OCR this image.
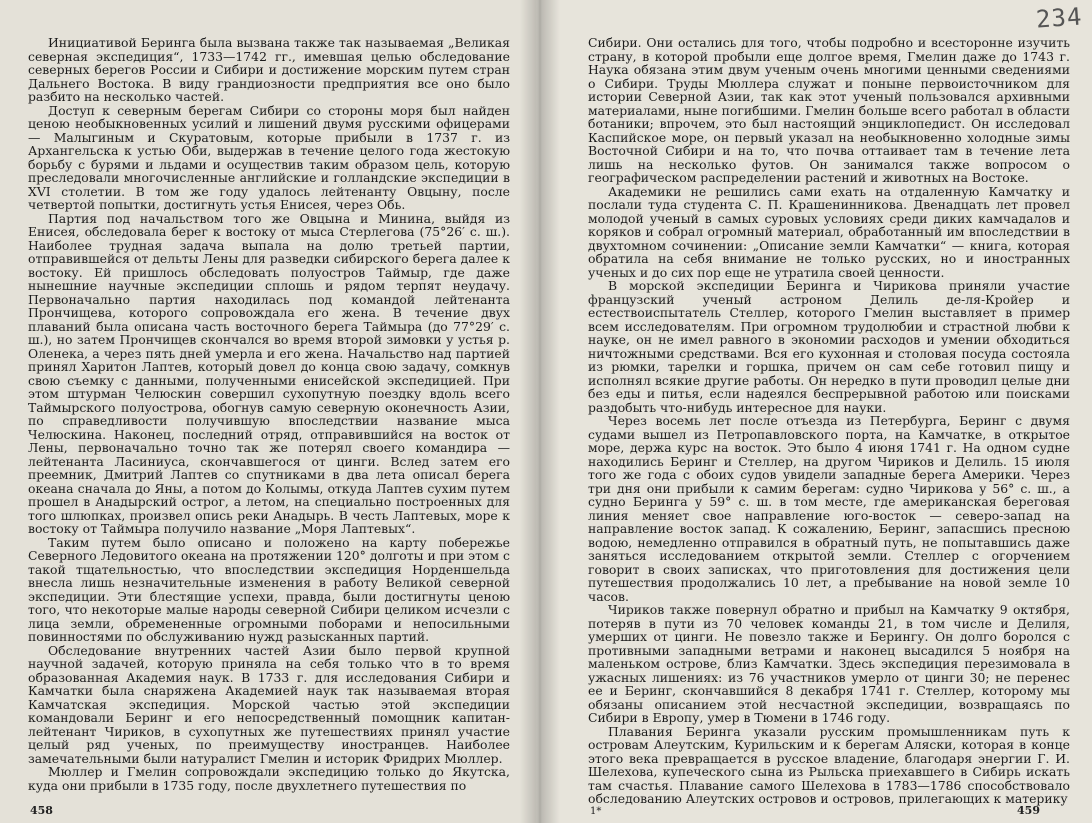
Инициативой Беринга была вызвана также так называемая „Великая северная экспедиция“, 1733—1742 гг., имевшая целью обследование северных берегов России и Сибири и достижение морским путем стран Дальнего Востока. В виду грандиозности предприятия все оно было разбито на несколько частей.

Доступ к северным берегам Сибири со стороны моря был найден ценою необыкновенных усилий и лишений двумя русскими офицерами — Малыгиным и Скуратовым, которые прибыли в 1737 г. из Архангельска к устью Оби, выдержав в течение целого года жестокую борьбу с бурями и льдами и осуществив таким образом цель, которую преследовали многочисленные английские и голландские экспедиции в XVI столетии. В том же году удалось лейтенанту Овцыну, после четвертой попытки, достигнуть устья Енисея, через Обь.

Партия под начальством того же Овцына и Минина, выйдя из Енисея, обследовала берег к востоку от мыса Стерлегова (75°26′ с. ш.). Наиболее трудная задача выпала на долю третьей партии, отправившейся от дельты Лены для разведки сибирского берега далее к востоку. Ей пришлось обследовать полуостров Таймыр, где даже нынешние научные экспедиции сплошь и рядом терпят неудачу. Первоначально партия находилась под командой лейтенанта Прончищева, которого сопровождала его жена. В течение двух плаваний была описана часть восточного берега Таймыра (до 77°29′ с. ш.), но затем Прончищев скончался во время второй зимовки у устья р. Оленека, а через пять дней умерла и его жена. Начальство над партией принял Харитон Лаптев, который довел до конца свою задачу, сомкнув свою съемку с данными, полученными енисейской экспедицией. При этом штурман Челюскин совершил сухопутную поездку вдоль всего Таймырского полуострова, обогнув самую северную оконечность Азии, по справедливости получившую впоследствии название мыса Челюскина. Наконец, последний отряд, отправившийся на восток от Лены, первоначально точно так же потерял своего командира — лейтенанта Ласиниуса, скончавшегося от цинги. Вслед затем его преемник, Дмитрий Лаптев со спутниками в два лета описал берега океана сначала до Яны, а потом до Колымы, откуда Лаптев сухим путем прошел в Анадырский острог, а летом, на специально построенных для того шлюпках, произвел опись реки Анадырь. В честь Лаптевых, море к востоку от Таймыра получило название „Моря Лаптевых“.

Таким путем было описано и положено на карту побережье Северного Ледовитого океана на протяжении 120° долготы и при этом с такой тщательностью, что впоследствии экспедиция Норденшельда внесла лишь незначительные изменения в работу Великой северной экспедиции. Эти блестящие успехи, правда, были достигнуты ценою того, что некоторые малые народы северной Сибири целиком исчезли с лица земли, обремененные огромными поборами и непосильными повинностями по обслуживанию нужд разысканных партий.

Обследование внутренних частей Азии было первой крупной научной задачей, которую приняла на себя только что в то время образованная Академия наук. В 1733 г. для исследования Сибири и Камчатки была снаряжена Академией наук так называемая вторая Камчатская экспедиция. Морской частью этой экспедиции командовали Беринг и его непосредственный помощник капитан-лейтенант Чириков, в сухопутных же путешествиях принял участие целый ряд ученых, по преимуществу иностранцев. Наиболее замечательными были натуралист Гмелин и историк Фридрих Мюллер.

Мюллер и Гмелин сопровождали экспедицию только до Якутска, куда они прибыли в 1735 году, после двухлетнего путешествия по

458

Сибири. Они остались для того, чтобы подробно и всесторонне изучить страну, в которой пробыли еще долгое время, Гмелин даже до 1743 г. Наука обязана этим двум ученым очень многими ценными сведениями о Сибири. Труды Мюллера служат и поныне первоисточником для истории Северной Азии, так как этот ученый пользовался архивными материалами, ныне погибшими. Гмелин больше всего работал в области ботаники; впрочем, это был настоящий энциклопедист. Он исследовал Каспийское море, он первый указал на необыкновенно холодные зимы Восточной Сибири и на то, что почва оттаивает там в течение лета лишь на несколько футов. Он занимался также вопросом о географическом распределении растений и животных на Востоке.

Академики не решились сами ехать на отдаленную Камчатку и послали туда студента С. П. Крашенинникова. Двенадцать лет провел молодой ученый в самых суровых условиях среди диких камчадалов и коряков и собрал огромный материал, обработанный им впоследствии в двухтомном сочинении: „Описание земли Камчатки“ — книга, которая обратила на себя внимание не только русских, но и иностранных ученых и до сих пор еще не утратила своей ценности.

В морской экспедиции Беринга и Чирикова приняли участие французский ученый астроном Делиль де-ля-Кройер и естествоиспытатель Стеллер, которого Гмелин выставляет в пример всем исследователям. При огромном трудолюбии и страстной любви к науке, он не имел равного в экономии расходов и умении обходиться ничтожными средствами. Вся его кухонная и столовая посуда состояла из рюмки, тарелки и горшка, причем он сам себе готовил пищу и исполнял всякие другие работы. Он нередко в пути проводил целые дни без еды и питья, если надеялся беспрерывной работою или поисками раздобыть что-нибудь интересное для науки.

Через восемь лет после отъезда из Петербурга, Беринг с двумя судами вышел из Петропавловского порта, на Камчатке, в открытое море, держа курс на восток. Это было 4 июня 1741 г. На одном судне находились Беринг и Стеллер, на другом Чириков и Делиль. 15 июля того же года с обоих судов увидели западные берега Америки. Через три дня они прибыли к самим берегам: судно Чирикова у 56° с. ш., а судно Беринга у 59° с. ш. в том месте, где американская береговая линия меняет свое направление юго-восток — северо-запад на направление восток запад. К сожалению, Беринг, запасшись пресною водою, немедленно отправился в обратный путь, не попытавшись даже заняться исследованием открытой земли. Стеллер с огорчением говорит в своих записках, что приготовления для достижения цели путешествия продолжались 10 лет, а пребывание на новой земле 10 часов.

Чириков также повернул обратно и прибыл на Камчатку 9 октября, потеряв в пути из 70 человек команды 21, в том числе и Делиля, умерших от цинги. Не повезло также и Берингу. Он долго боролся с противными западными ветрами и наконец высадился 5 ноября на маленьком острове, близ Камчатки. Здесь экспедиция перезимовала в ужасных лишениях: из 76 участников умерло от цинги 30; не перенес ее и Беринг, скончавшийся 8 декабря 1741 г. Стеллер, которому мы обязаны описанием этой несчастной экспедиции, возвращаясь по Сибири в Европу, умер в Тюмени в 1746 году.

Плавания Беринга указали русским промышленникам путь к островам Алеутским, Курильским и к берегам Аляски, которая в конце этого века превращается в русское владение, благодаря энергии Г. И. Шелехова, купеческого сына из Рыльска приехавшего в Сибирь искать там счастья. Плавание самого Шелехова в 1783—1786 способствовало обследованию Алеутских островов и островов, прилегающих к материку

459
1*
234
